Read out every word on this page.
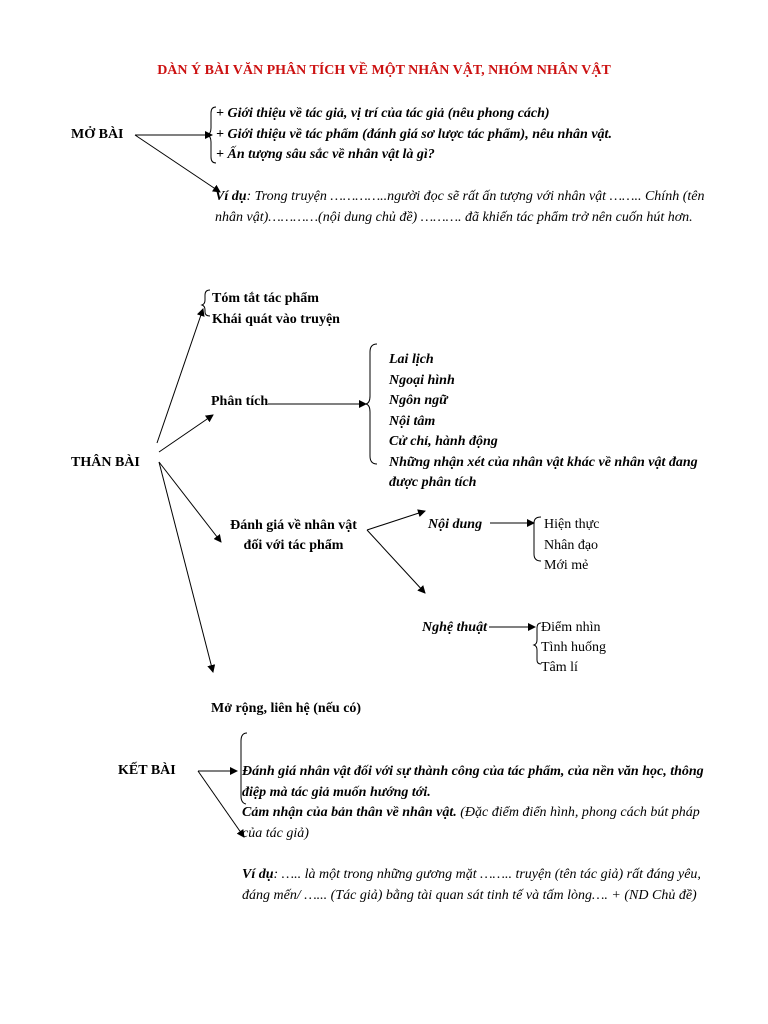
DÀN Ý BÀI VĂN PHÂN TÍCH VỀ MỘT NHÂN VẬT, NHÓM NHÂN VẬT
MỞ BÀI
+ Giới thiệu về tác giả, vị trí của tác giả (nêu phong cách)
+ Giới thiệu về tác phẩm (đánh giá sơ lược tác phẩm), nêu nhân vật.
+ Ấn tượng sâu sắc về nhân vật là gì?
Ví dụ: Trong truyện …………..người đọc sẽ rất ấn tượng với nhân vật …….. Chính (tên nhân vật)…………(nội dung chủ đề) ………. đã khiến tác phẩm trở nên cuốn hút hơn.
THÂN BÀI
Tóm tắt tác phẩm
Khái quát vào truyện
Phân tích
Lai lịch
Ngoại hình
Ngôn ngữ
Nội tâm
Cử chỉ, hành động
Những nhận xét của nhân vật khác về nhân vật đang
được phân tích
Đánh giá về nhân vật
đối với tác phẩm
Nội dung	Hiện thực
Nhân đạo
Mới mẻ
Nghệ thuật	Điểm nhìn
Tình huống
Tâm lí
Mở rộng, liên hệ (nếu có)
KẾT BÀI	Đánh giá nhân vật đối với sự thành công của tác phẩm, của nền văn học, thông điệp mà tác giả muốn hướng tới.
Cảm nhận của bản thân về nhân vật. (Đặc điểm điển hình, phong cách bút pháp của tác giả)
Ví dụ: ….. là một trong những gương mặt …….. truyện (tên tác giả) rất đáng yêu, đáng mến/ …... (Tác giả) bằng tài quan sát tinh tế và tấm lòng…. + (ND Chủ đề)
